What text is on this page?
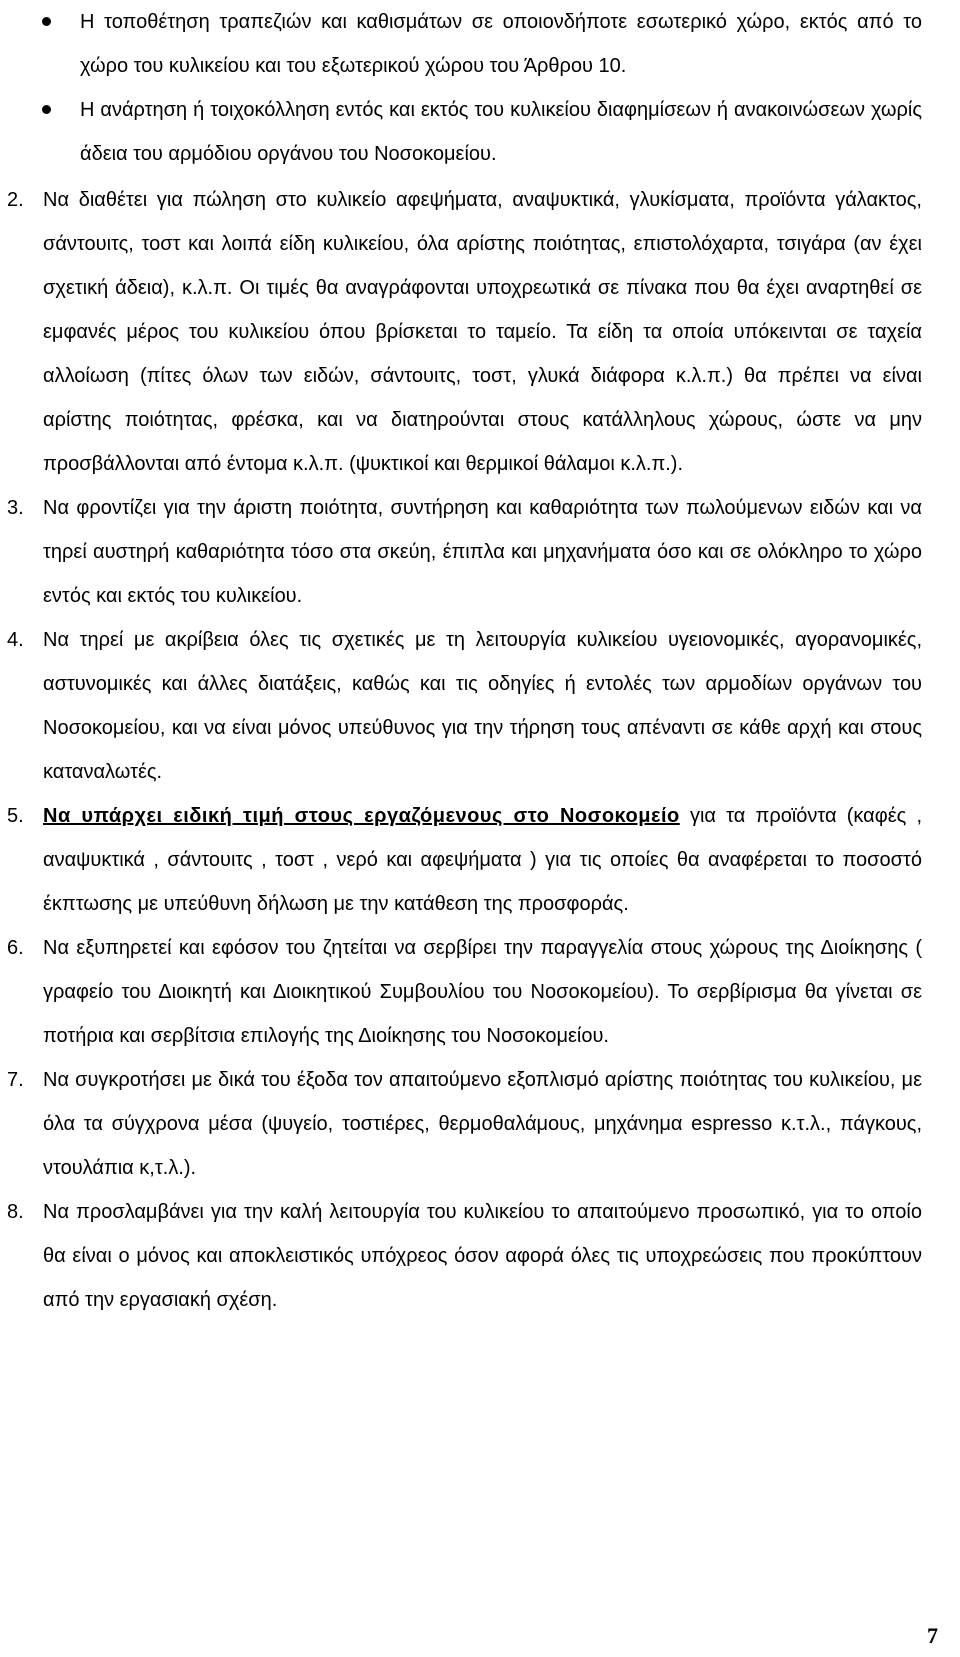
Η τοποθέτηση τραπεζιών και καθισμάτων σε οποιονδήποτε εσωτερικό χώρο, εκτός από το χώρο του κυλικείου και του εξωτερικού χώρου του Άρθρου 10.
Η ανάρτηση ή τοιχοκόλληση εντός και εκτός του κυλικείου διαφημίσεων ή ανακοινώσεων χωρίς άδεια του αρμόδιου οργάνου του Νοσοκομείου.
2. Να διαθέτει για πώληση στο κυλικείο αφεψήματα, αναψυκτικά, γλυκίσματα, προϊόντα γάλακτος, σάντουιτς, τοστ και λοιπά είδη κυλικείου, όλα αρίστης ποιότητας, επιστολόχαρτα, τσιγάρα (αν έχει σχετική άδεια), κ.λ.π. Οι τιμές θα αναγράφονται υποχρεωτικά σε πίνακα που θα έχει αναρτηθεί σε εμφανές μέρος του κυλικείου όπου βρίσκεται το ταμείο. Τα είδη τα οποία υπόκεινται σε ταχεία αλλοίωση (πίτες όλων των ειδών, σάντουιτς, τοστ, γλυκά διάφορα κ.λ.π.) θα πρέπει να είναι αρίστης ποιότητας, φρέσκα, και να διατηρούνται στους κατάλληλους χώρους, ώστε να μην προσβάλλονται από έντομα κ.λ.π. (ψυκτικοί και θερμικοί θάλαμοι κ.λ.π.).
3. Να φροντίζει για την άριστη ποιότητα, συντήρηση και καθαριότητα των πωλούμενων ειδών και να τηρεί αυστηρή καθαριότητα τόσο στα σκεύη, έπιπλα και μηχανήματα όσο και σε ολόκληρο το χώρο εντός και εκτός του κυλικείου.
4. Να τηρεί με ακρίβεια όλες τις σχετικές με τη λειτουργία κυλικείου υγειονομικές, αγορανομικές, αστυνομικές και άλλες διατάξεις, καθώς και τις οδηγίες ή εντολές των αρμοδίων οργάνων του Νοσοκομείου, και να είναι μόνος υπεύθυνος για την τήρηση τους απέναντι σε κάθε αρχή και στους καταναλωτές.
5. Να υπάρχει ειδική τιμή στους εργαζόμενους στο Νοσοκομείο για τα προϊόντα (καφές , αναψυκτικά , σάντουιτς , τοστ , νερό και αφεψήματα ) για τις οποίες θα αναφέρεται το ποσοστό έκπτωσης με υπεύθυνη δήλωση με την κατάθεση της προσφοράς.
6. Να εξυπηρετεί και εφόσον του ζητείται να σερβίρει την παραγγελία στους χώρους της Διοίκησης ( γραφείο του Διοικητή και Διοικητικού Συμβουλίου του Νοσοκομείου). Το σερβίρισμα θα γίνεται σε ποτήρια και σερβίτσια επιλογής της Διοίκησης του Νοσοκομείου.
7. Να συγκροτήσει με δικά του έξοδα τον απαιτούμενο εξοπλισμό αρίστης ποιότητας του κυλικείου, με όλα τα σύγχρονα μέσα (ψυγείο, τοστιέρες, θερμοθαλάμους, μηχάνημα espresso κ.τ.λ., πάγκους, ντουλάπια κ,τ.λ.).
8. Να προσλαμβάνει για την καλή λειτουργία του κυλικείου το απαιτούμενο προσωπικό, για το οποίο θα είναι ο μόνος και αποκλειστικός υπόχρεος όσον αφορά όλες τις υποχρεώσεις που προκύπτουν από την εργασιακή σχέση.
7
